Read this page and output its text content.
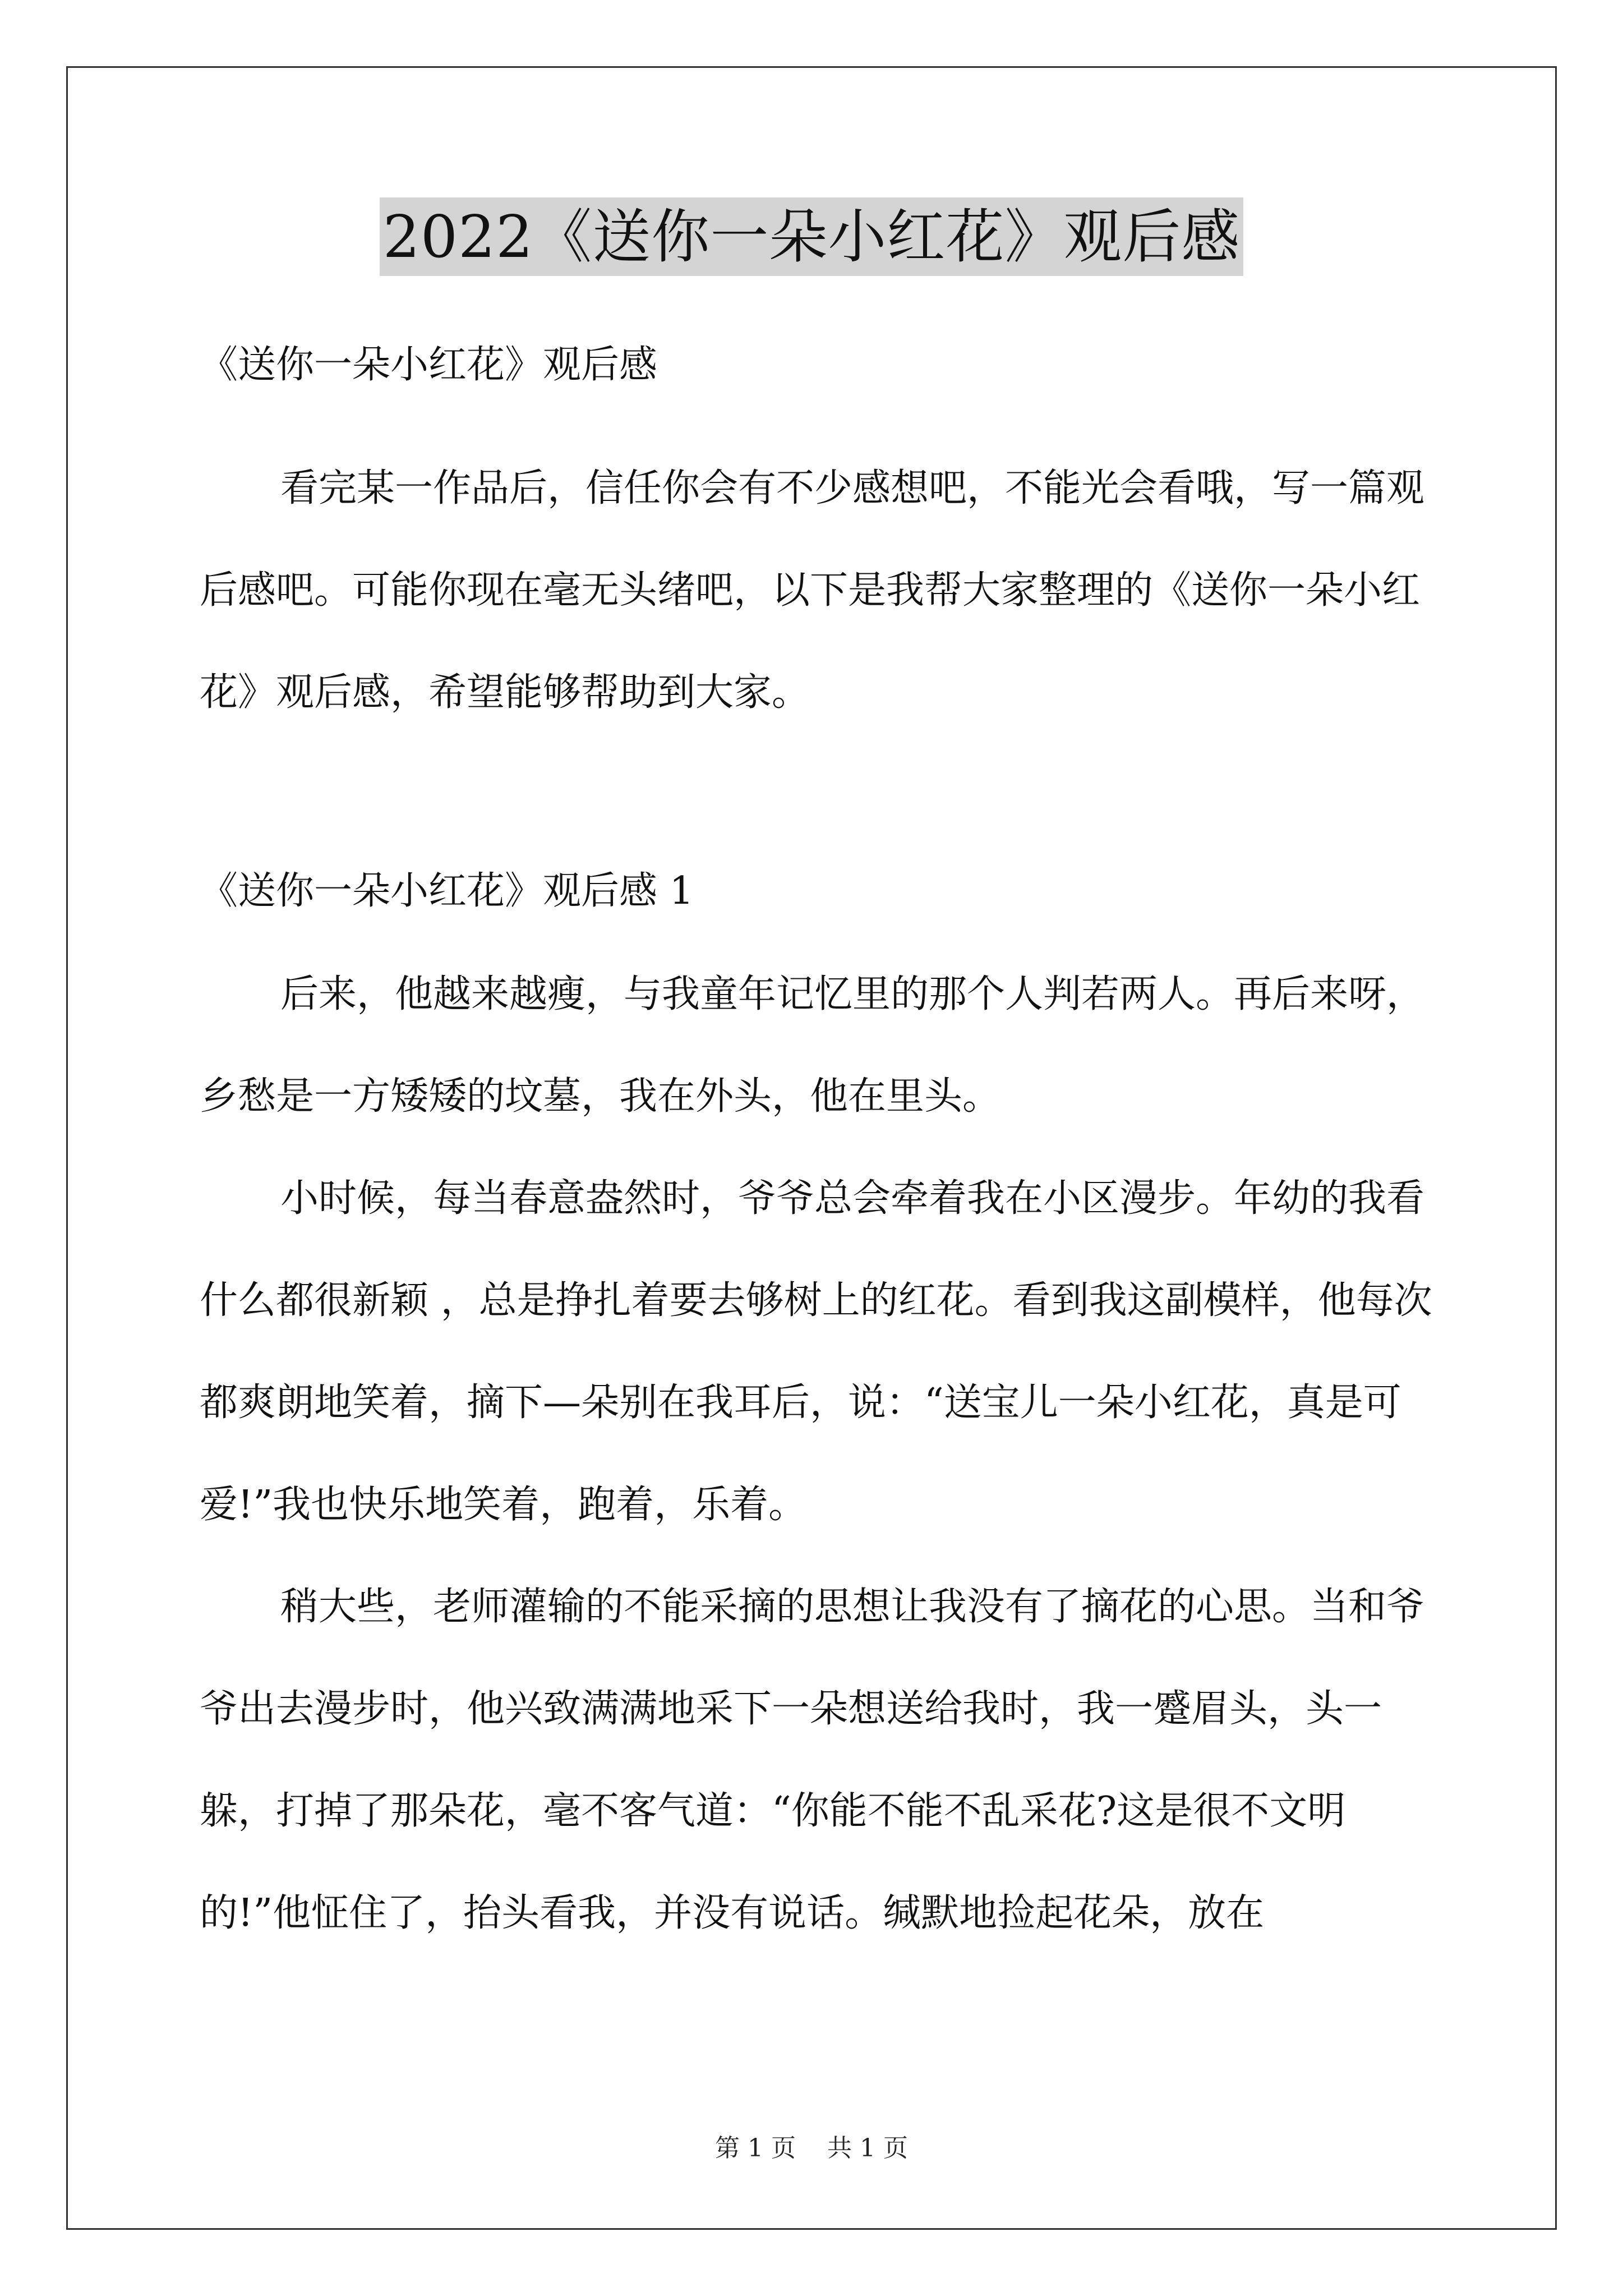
2022《送你一朵小红花》观后感

《送你一朵小红花》观后感

看完某一作品后，信任你会有不少感想吧，不能光会看哦，写一篇观后感吧。可能你现在毫无头绪吧，以下是我帮大家整理的《送你一朵小红花》观后感，希望能够帮助到大家。

《送你一朵小红花》观后感 1

后来，他越来越瘦，与我童年记忆里的那个人判若两人。再后来呀，乡愁是一方矮矮的坟墓，我在外头，他在里头。

小时候，每当春意盎然时，爷爷总会牵着我在小区漫步。年幼的我看什么都很新颖 ，总是挣扎着要去够树上的红花。看到我这副模样，他每次都爽朗地笑着，摘下—朵别在我耳后，说：“送宝儿一朵小红花，真是可爱!”我也快乐地笑着，跑着，乐着。

稍大些，老师灌输的不能采摘的思想让我没有了摘花的心思。当和爷爷出去漫步时，他兴致满满地采下一朵想送给我时，我一蹙眉头，头一躲，打掉了那朵花，毫不客气道：“你能不能不乱采花?这是很不文明的!”他怔住了，抬头看我，并没有说话。缄默地捡起花朵，放在

第 1 页 共 1 页
